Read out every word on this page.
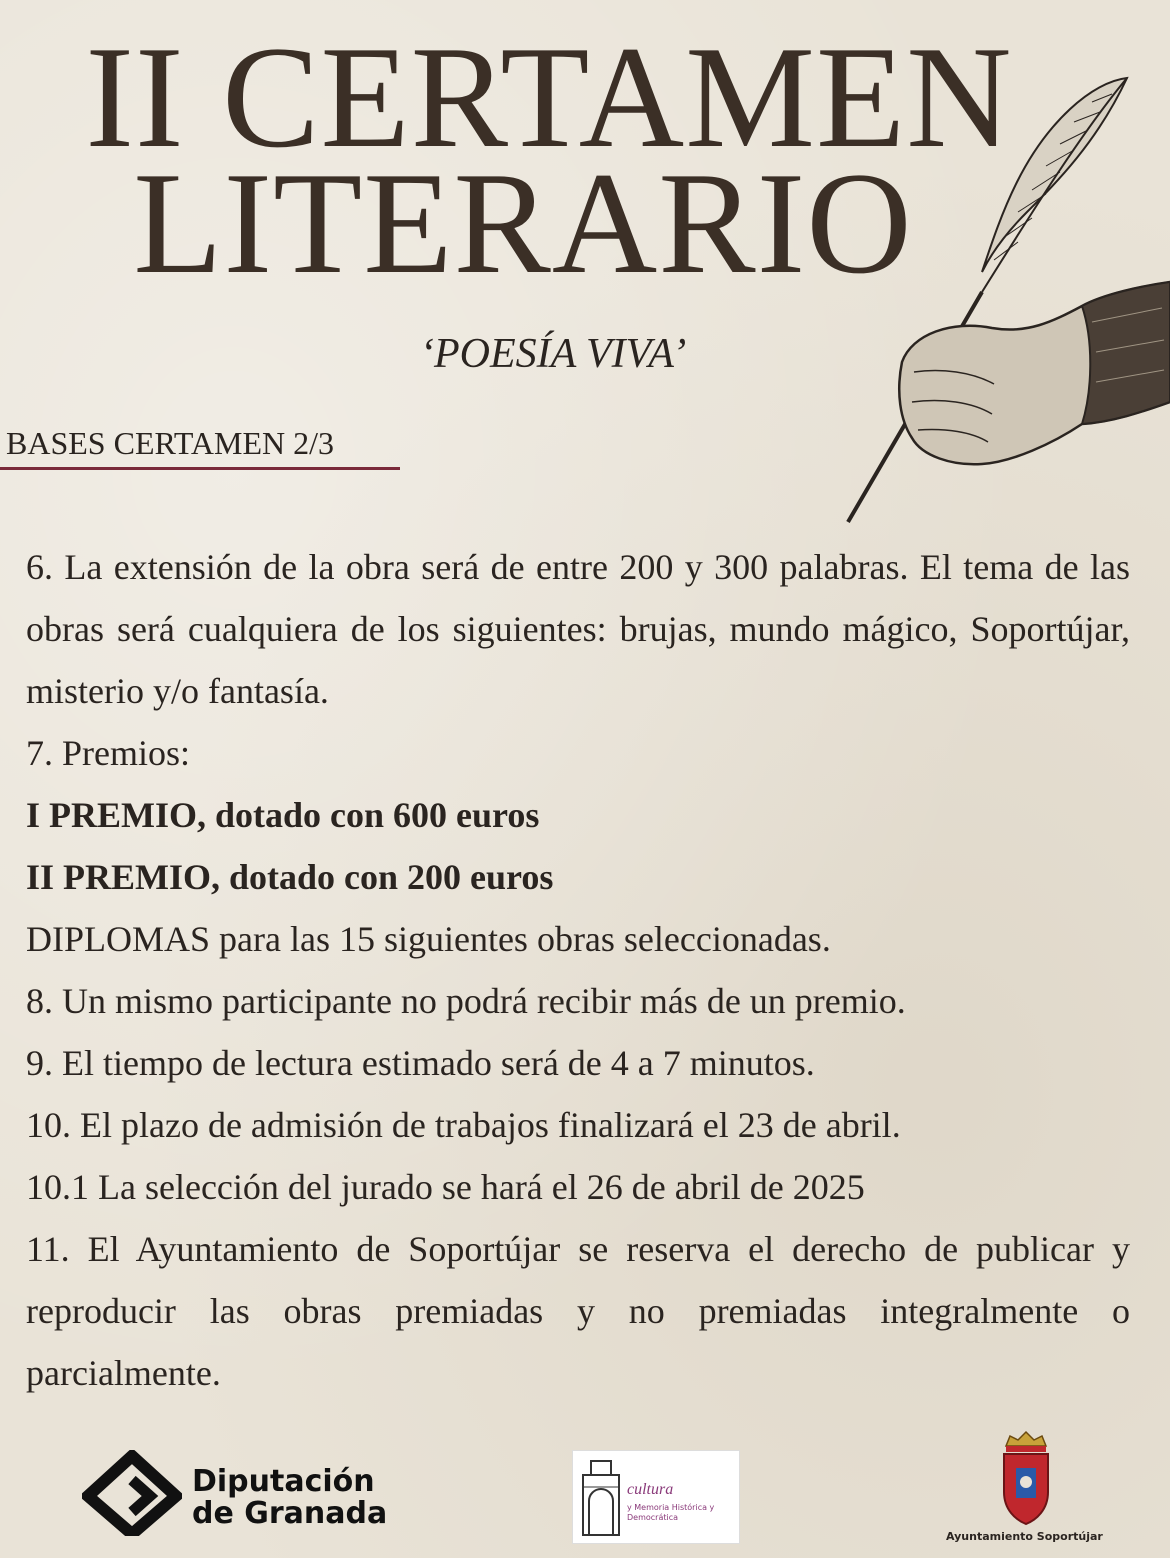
II CERTAMEN
LITERARIO
‘POESÍA VIVA’
BASES CERTAMEN 2/3

6. La extensión de la obra será de entre 200 y 300 palabras. El tema de las obras será cualquiera de los siguientes: brujas, mundo mágico, Soportújar, misterio y/o fantasía.

7. Premios:

I PREMIO, dotado con 600 euros

II PREMIO, dotado con 200 euros

DIPLOMAS para las 15 siguientes obras seleccionadas.

8. Un mismo participante no podrá recibir más de un premio.

9. El tiempo de lectura estimado será de 4 a 7 minutos.

10. El plazo de admisión de trabajos finalizará el 23 de abril.

10.1 La selección del jurado se hará el 26 de abril de 2025

11. El Ayuntamiento de Soportújar se reserva el derecho de publicar y reproducir las obras premiadas y no premiadas integralmente o parcialmente.

Diputación
de Granada
cultura
y Memoria Histórica y Democrática
Ayuntamiento Soportújar
